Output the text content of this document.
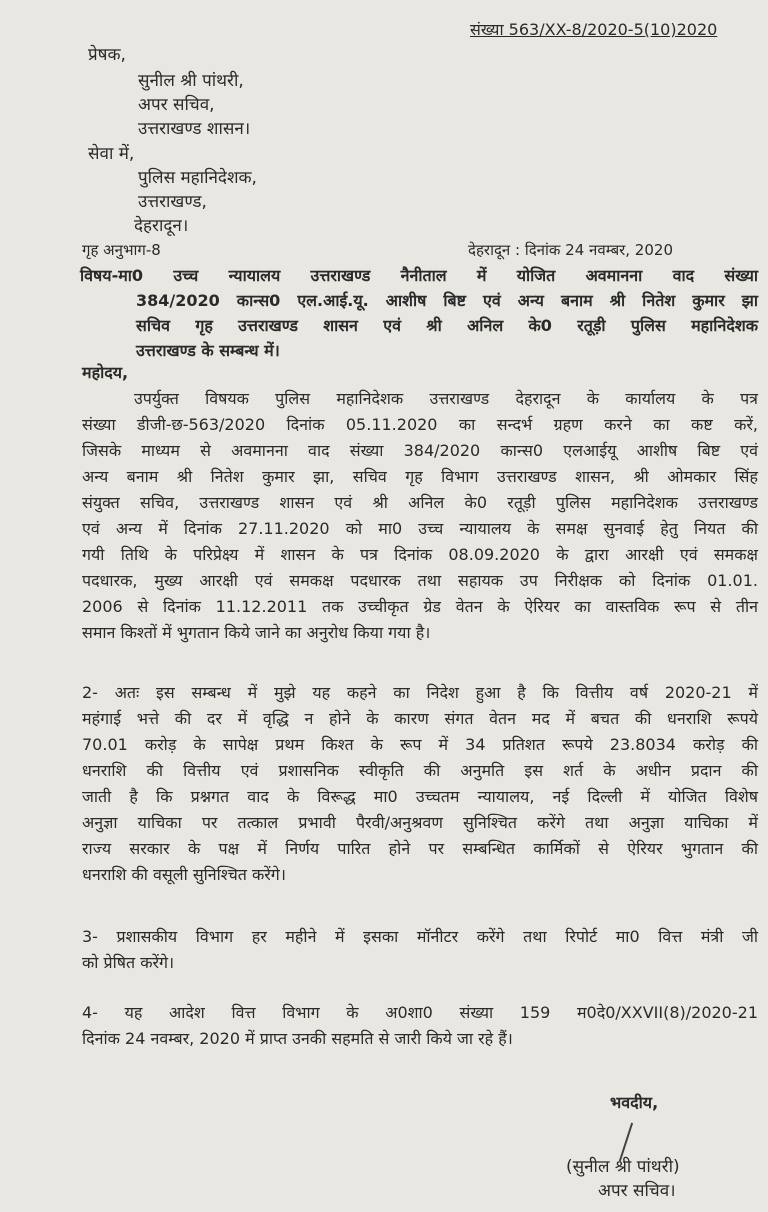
संख्या 563/XX-8/2020-5(10)2020
प्रेषक,
सुनील श्री पांथरी,
अपर सचिव,
उत्तराखण्ड शासन।
सेवा में,
पुलिस महानिदेशक,
उत्तराखण्ड,
देहरादून।
गृह अनुभाग-8	देहरादून : दिनांक 24 नवम्बर, 2020
विषय-मा0 उच्च न्यायालय उत्तराखण्ड नैनीताल में योजित अवमानना वाद संख्या
384/2020 कान्स0 एल.आई.यू. आशीष बिष्ट एवं अन्य बनाम श्री नितेश कुमार झा
सचिव गृह उत्तराखण्ड शासन एवं श्री अनिल के0 रतूड़ी पुलिस महानिदेशक
उत्तराखण्ड के सम्बन्ध में।
महोदय,
उपर्युक्त विषयक पुलिस महानिदेशक उत्तराखण्ड देहरादून के कार्यालय के पत्र
संख्या डीजी-छ-563/2020 दिनांक 05.11.2020 का सन्दर्भ ग्रहण करने का कष्ट करें,
जिसके माध्यम से अवमानना वाद संख्या 384/2020 कान्स0 एलआईयू आशीष बिष्ट एवं
अन्य बनाम श्री नितेश कुमार झा, सचिव गृह विभाग उत्तराखण्ड शासन, श्री ओमकार सिंह
संयुक्त सचिव, उत्तराखण्ड शासन एवं श्री अनिल के0 रतूड़ी पुलिस महानिदेशक उत्तराखण्ड
एवं अन्य में दिनांक 27.11.2020 को मा0 उच्च न्यायालय के समक्ष सुनवाई हेतु नियत की
गयी तिथि के परिप्रेक्ष्य में शासन के पत्र दिनांक 08.09.2020 के द्वारा आरक्षी एवं समकक्ष
पदधारक, मुख्य आरक्षी एवं समकक्ष पदधारक तथा सहायक उप निरीक्षक को दिनांक 01.01.
2006 से दिनांक 11.12.2011 तक उच्चीकृत ग्रेड वेतन के ऐरियर का वास्तविक रूप से तीन
समान किश्तों में भुगतान किये जाने का अनुरोध किया गया है।
2- अतः इस सम्बन्ध में मुझे यह कहने का निदेश हुआ है कि वित्तीय वर्ष 2020-21 में
महंगाई भत्ते की दर में वृद्धि न होने के कारण संगत वेतन मद में बचत की धनराशि रूपये
70.01 करोड़ के सापेक्ष प्रथम किश्त के रूप में 34 प्रतिशत रूपये 23.8034 करोड़ की
धनराशि की वित्तीय एवं प्रशासनिक स्वीकृति की अनुमति इस शर्त के अधीन प्रदान की
जाती है कि प्रश्नगत वाद के विरूद्ध मा0 उच्चतम न्यायालय, नई दिल्ली में योजित विशेष
अनुज्ञा याचिका पर तत्काल प्रभावी पैरवी/अनुश्रवण सुनिश्चित करेंगे तथा अनुज्ञा याचिका में
राज्य सरकार के पक्ष में निर्णय पारित होने पर सम्बन्धित कार्मिकों से ऐरियर भुगतान की
धनराशि की वसूली सुनिश्चित करेंगे।
3- प्रशासकीय विभाग हर महीने में इसका मॉनीटर करेंगे तथा रिपोर्ट मा0 वित्त मंत्री जी
को प्रेषित करेंगे।
4- यह आदेश वित्त विभाग के अ0शा0 संख्या 159 म0दे0/XXVII(8)/2020-21
दिनांक 24 नवम्बर, 2020 में प्राप्त उनकी सहमति से जारी किये जा रहे हैं।
भवदीय,
(सुनील श्री पांथरी)
अपर सचिव।
